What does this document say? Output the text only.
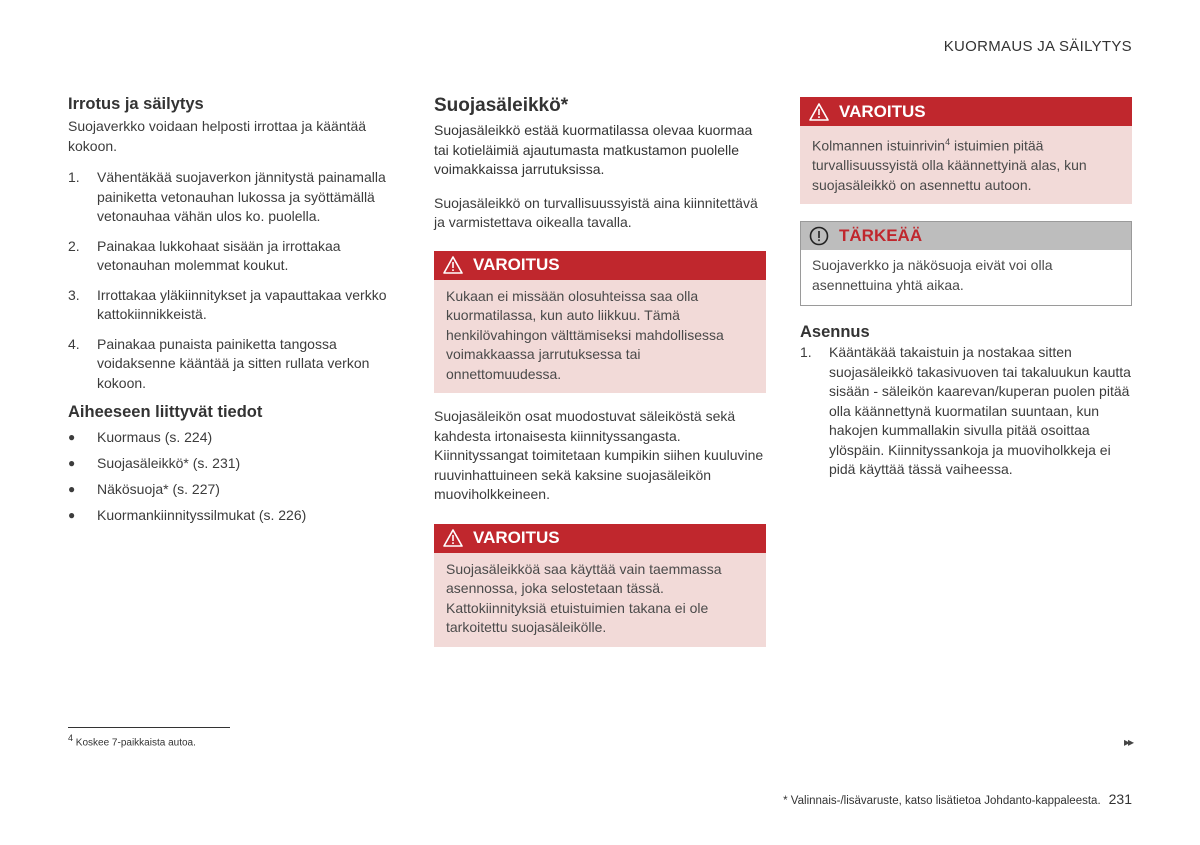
KUORMAUS JA SÄILYTYS
Irrotus ja säilytys

Suojaverkko voidaan helposti irrottaa ja kääntää kokoon.

1.	Vähentäkää suojaverkon jännitystä painamalla painiketta vetonauhan lukossa ja syöttämällä vetonauhaa vähän ulos ko. puolella.
2.	Painakaa lukkohaat sisään ja irrottakaa vetonauhan molemmat koukut.
3.	Irrottakaa yläkiinnitykset ja vapauttakaa verkko kattokiinnikkeistä.
4.	Painakaa punaista painiketta tangossa voidaksenne kääntää ja sitten rullata verkon kokoon.
Aiheeseen liittyvät tiedot
●	Kuormaus (s. 224)
●	Suojasäleikkö* (s. 231)
●	Näkösuoja* (s. 227)
●	Kuormankiinnityssilmukat (s. 226)
Suojasäleikkö*

Suojasäleikkö estää kuormatilassa olevaa kuormaa tai kotieläimiä ajautumasta matkustamon puolelle voimakkaissa jarrutuksissa.

Suojasäleikkö on turvallisuussyistä aina kiinnitettävä ja varmistettava oikealla tavalla.

VAROITUS
Kukaan ei missään olosuhteissa saa olla kuormatilassa, kun auto liikkuu. Tämä henkilövahingon välttämiseksi mahdollisessa voimakkaassa jarrutuksessa tai onnettomuudessa.

Suojasäleikön osat muodostuvat säleiköstä sekä kahdesta irtonaisesta kiinnityssangasta. Kiinnityssangat toimitetaan kumpikin siihen kuuluvine ruuvinhattuineen sekä kaksine suojasäleikön muoviholkkeineen.

VAROITUS
Suojasäleikköä saa käyttää vain taemmassa asennossa, joka selostetaan tässä. Kattokiinnityksiä etuistuimien takana ei ole tarkoitettu suojasäleikölle.
VAROITUS
Kolmannen istuinrivin$^4$ istuimien pitää turvallisuussyistä olla käännettyinä alas, kun suojasäleikkö on asennettu autoon.
TÄRKEÄÄ
Suojaverkko ja näkösuoja eivät voi olla asennettuina yhtä aikaa.
Asennus
1.	Kääntäkää takaistuin ja nostakaa sitten suojasäleikkö takasivuoven tai takaluukun kautta sisään - säleikön kaarevan/kuperan puolen pitää olla käännettynä kuormatilan suuntaan, kun hakojen kummallakin sivulla pitää osoittaa ylöspäin. Kiinnityssankoja ja muoviholkkeja ei pidä käyttää tässä vaiheessa.
$^4$ Koskee 7-paikkaista autoa.	▸▸
* Valinnais-/lisävaruste, katso lisätietoa Johdanto-kappaleesta. 231
